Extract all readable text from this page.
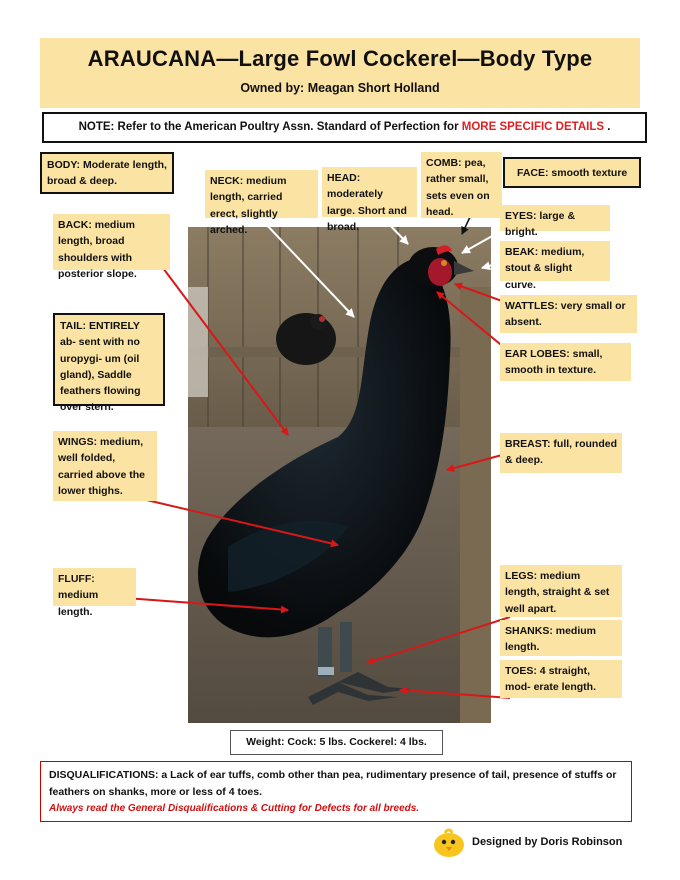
ARAUCANA—Large Fowl Cockerel—Body Type
Owned by: Meagan Short Holland
NOTE: Refer to the American Poultry Assn. Standard of Perfection for MORE SPECIFIC DETAILS .
BODY: Moderate length, broad & deep.	NECK: medium length, carried erect, slightly arched.
HEAD: moderately large. Short and broad.
COMB: pea, rather small, sets even on head.
FACE: smooth texture
BACK: medium length, broad shoulders with posterior slope.
EYES: large & bright.
BEAK: medium, stout & slight curve.
WATTLES: very small or absent.
TAIL: ENTIRELY ab- sent with no uropygi- um (oil gland), Saddle feathers flowing over stern.
EAR LOBES: small, smooth in texture.
WINGS: medium, well folded, carried above the lower thighs.
BREAST: full, rounded & deep.
FLUFF: medium length.
LEGS: medium length, straight & set well apart.
SHANKS: medium length.
TOES: 4 straight, mod- erate length.
Weight: Cock: 5 lbs. Cockerel: 4 lbs.
DISQUALIFICATIONS: a Lack of ear tuffs, comb other than pea, rudimentary presence of tail, presence of stuffs or feathers on shanks, more or less of 4 toes.
Always read the General Disqualifications & Cutting for Defects for all breeds.
Designed by Doris Robinson
